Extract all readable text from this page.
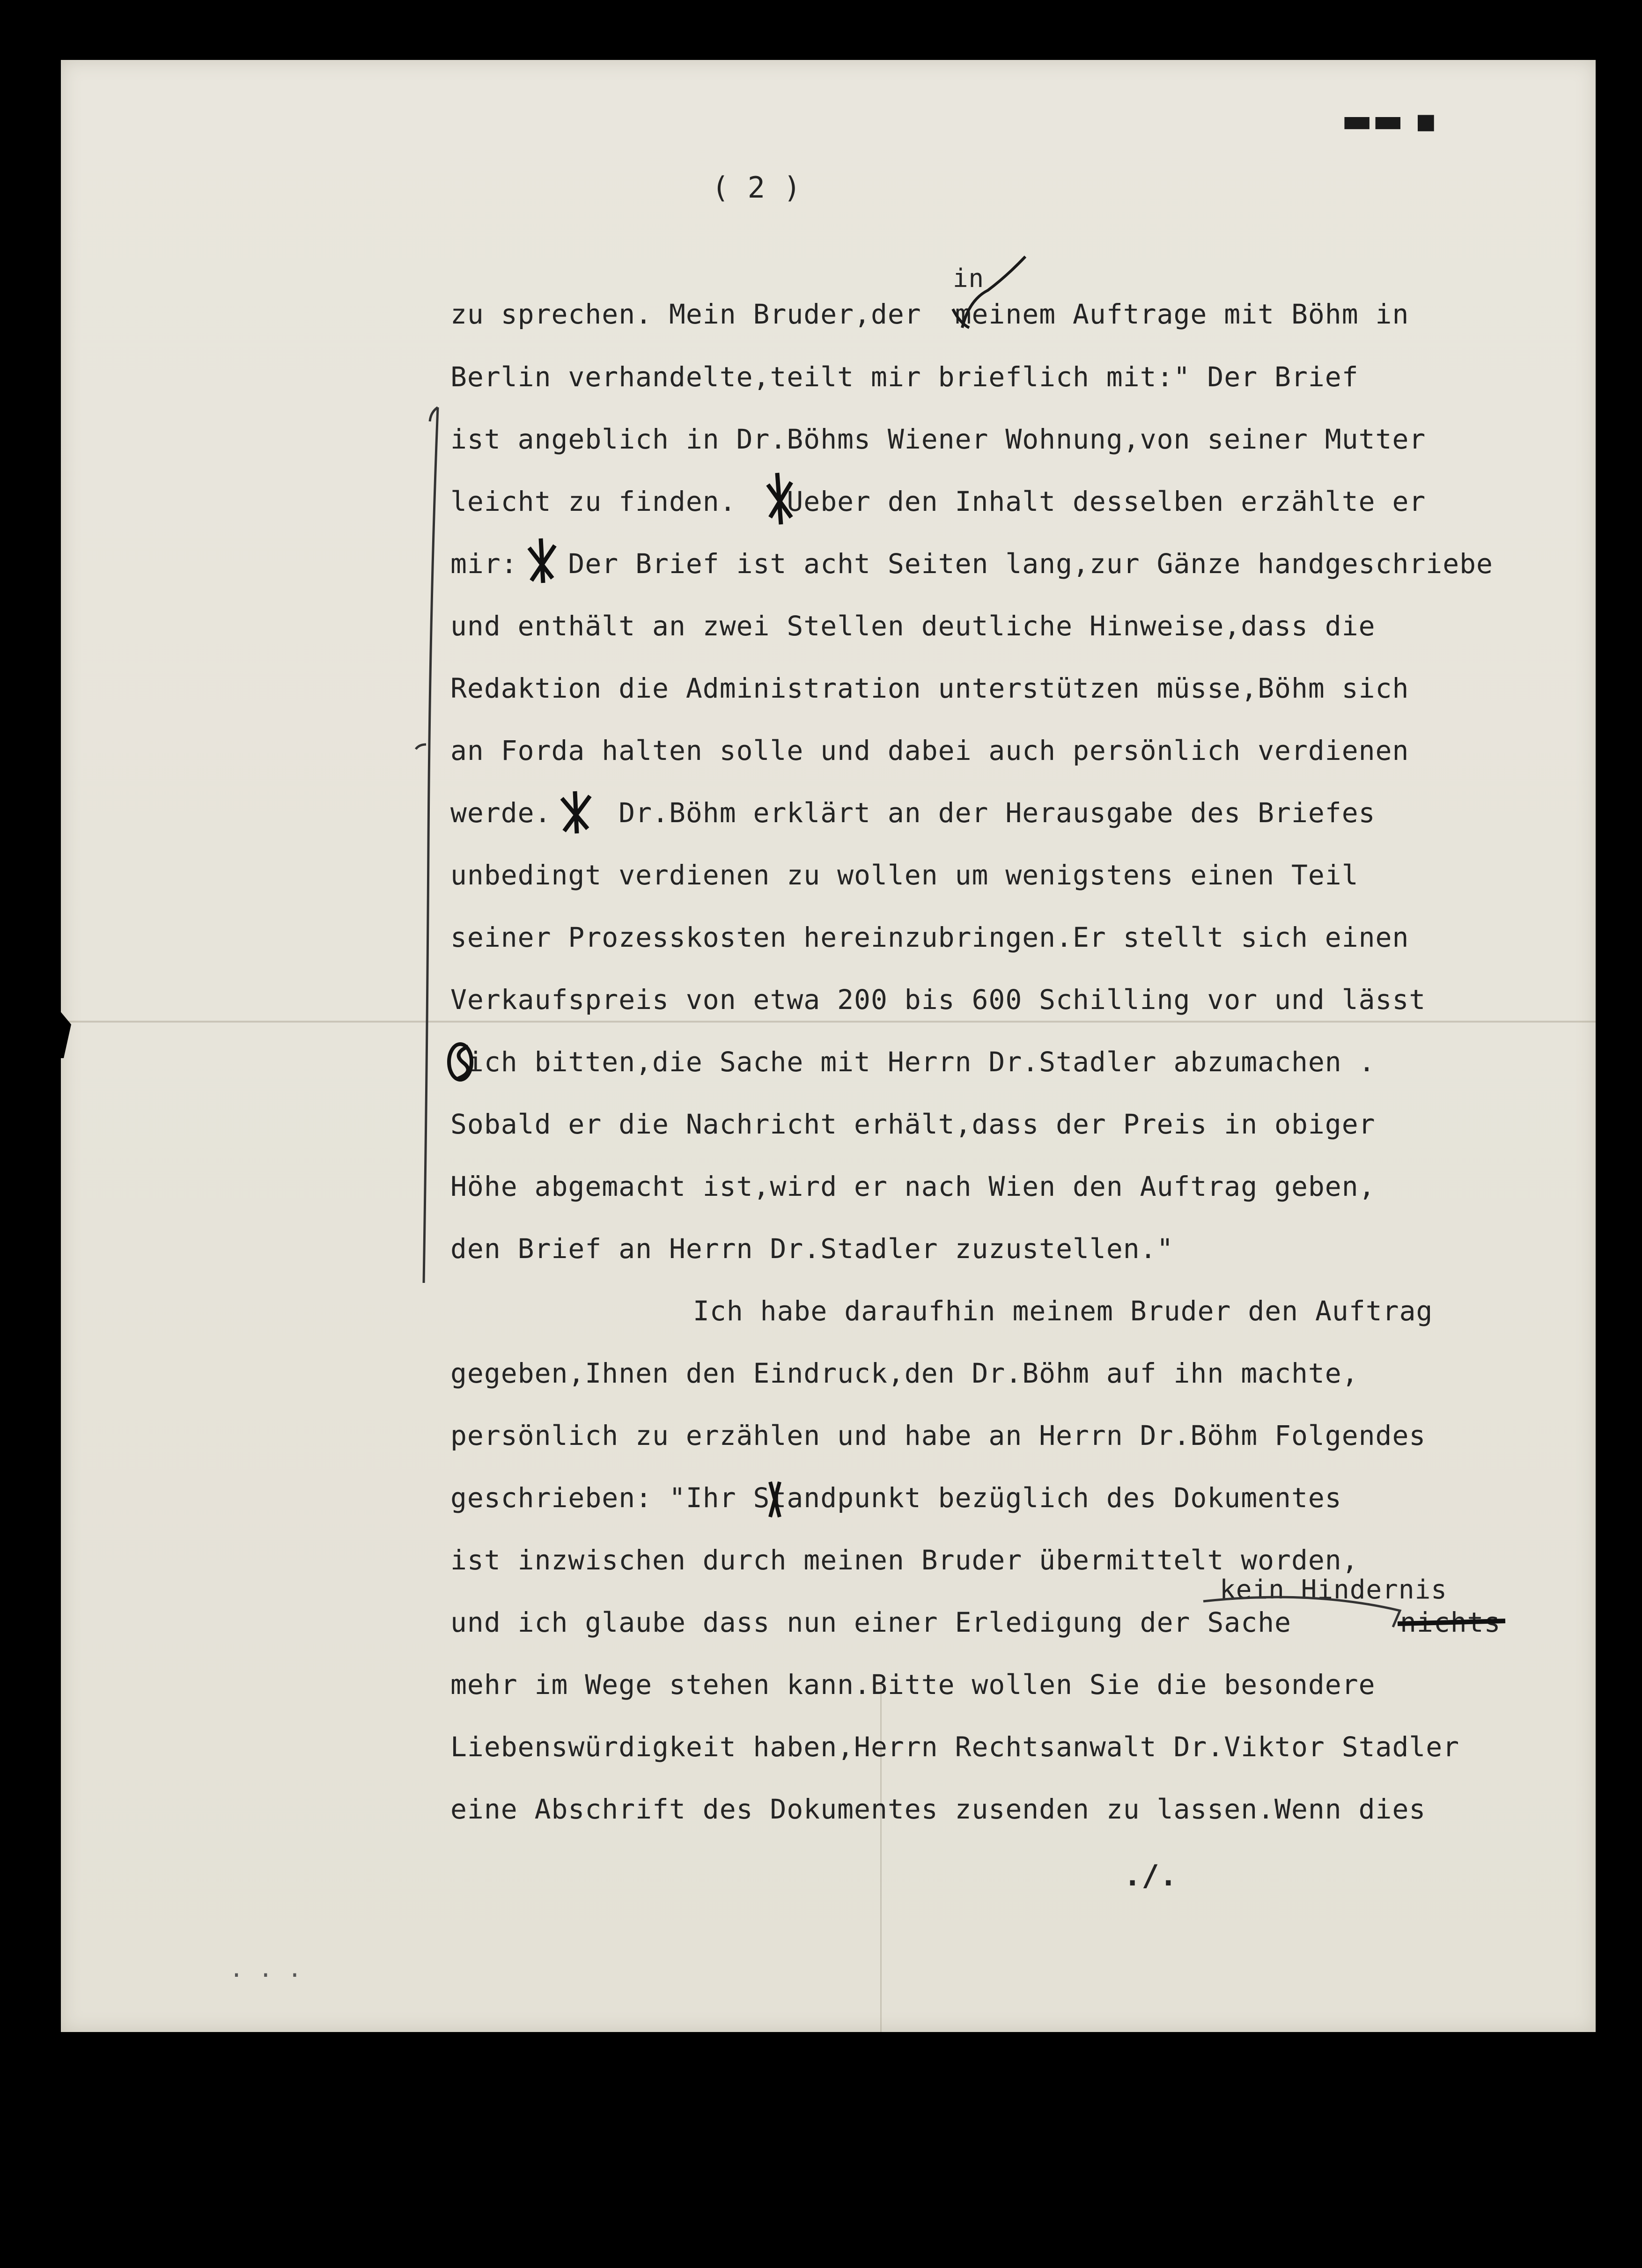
▬▬ ▪
( 2 )
zu sprechen. Mein Bruder,der  meinem Auftrage mit Böhm in
Berlin verhandelte,teilt mir brieflich mit:" Der Brief
ist angeblich in Dr.Böhms Wiener Wohnung,von seiner Mutter
leicht zu finden.   Ueber den Inhalt desselben erzählte er
mir:   Der Brief ist acht Seiten lang,zur Gänze handgeschriebe
und enthält an zwei Stellen deutliche Hinweise,dass die
Redaktion die Administration unterstützen müsse,Böhm sich
an Forda halten solle und dabei auch persönlich verdienen
werde.    Dr.Böhm erklärt an der Herausgabe des Briefes
unbedingt verdienen zu wollen um wenigstens einen Teil
seiner Prozesskosten hereinzubringen.Er stellt sich einen
Verkaufspreis von etwa 200 bis 600 Schilling vor und lässt
ich bitten,die Sache mit Herrn Dr.Stadler abzumachen .
Sobald er die Nachricht erhält,dass der Preis in obiger
Höhe abgemacht ist,wird er nach Wien den Auftrag geben,
den Brief an Herrn Dr.Stadler zuzustellen."
Ich habe daraufhin meinem Bruder den Auftrag
gegeben,Ihnen den Eindruck,den Dr.Böhm auf ihn machte,
persönlich zu erzählen und habe an Herrn Dr.Böhm Folgendes
geschrieben: "Ihr Standpunkt bezüglich des Dokumentes
ist inzwischen durch meinen Bruder übermittelt worden,
und ich glaube dass nun einer Erledigung der Sache
mehr im Wege stehen kann.Bitte wollen Sie die besondere
Liebenswürdigkeit haben,Herrn Rechtsanwalt Dr.Viktor Stadler
eine Abschrift des Dokumentes zusenden zu lassen.Wenn dies
in
kein Hindernis
nichts
./.
. . .
